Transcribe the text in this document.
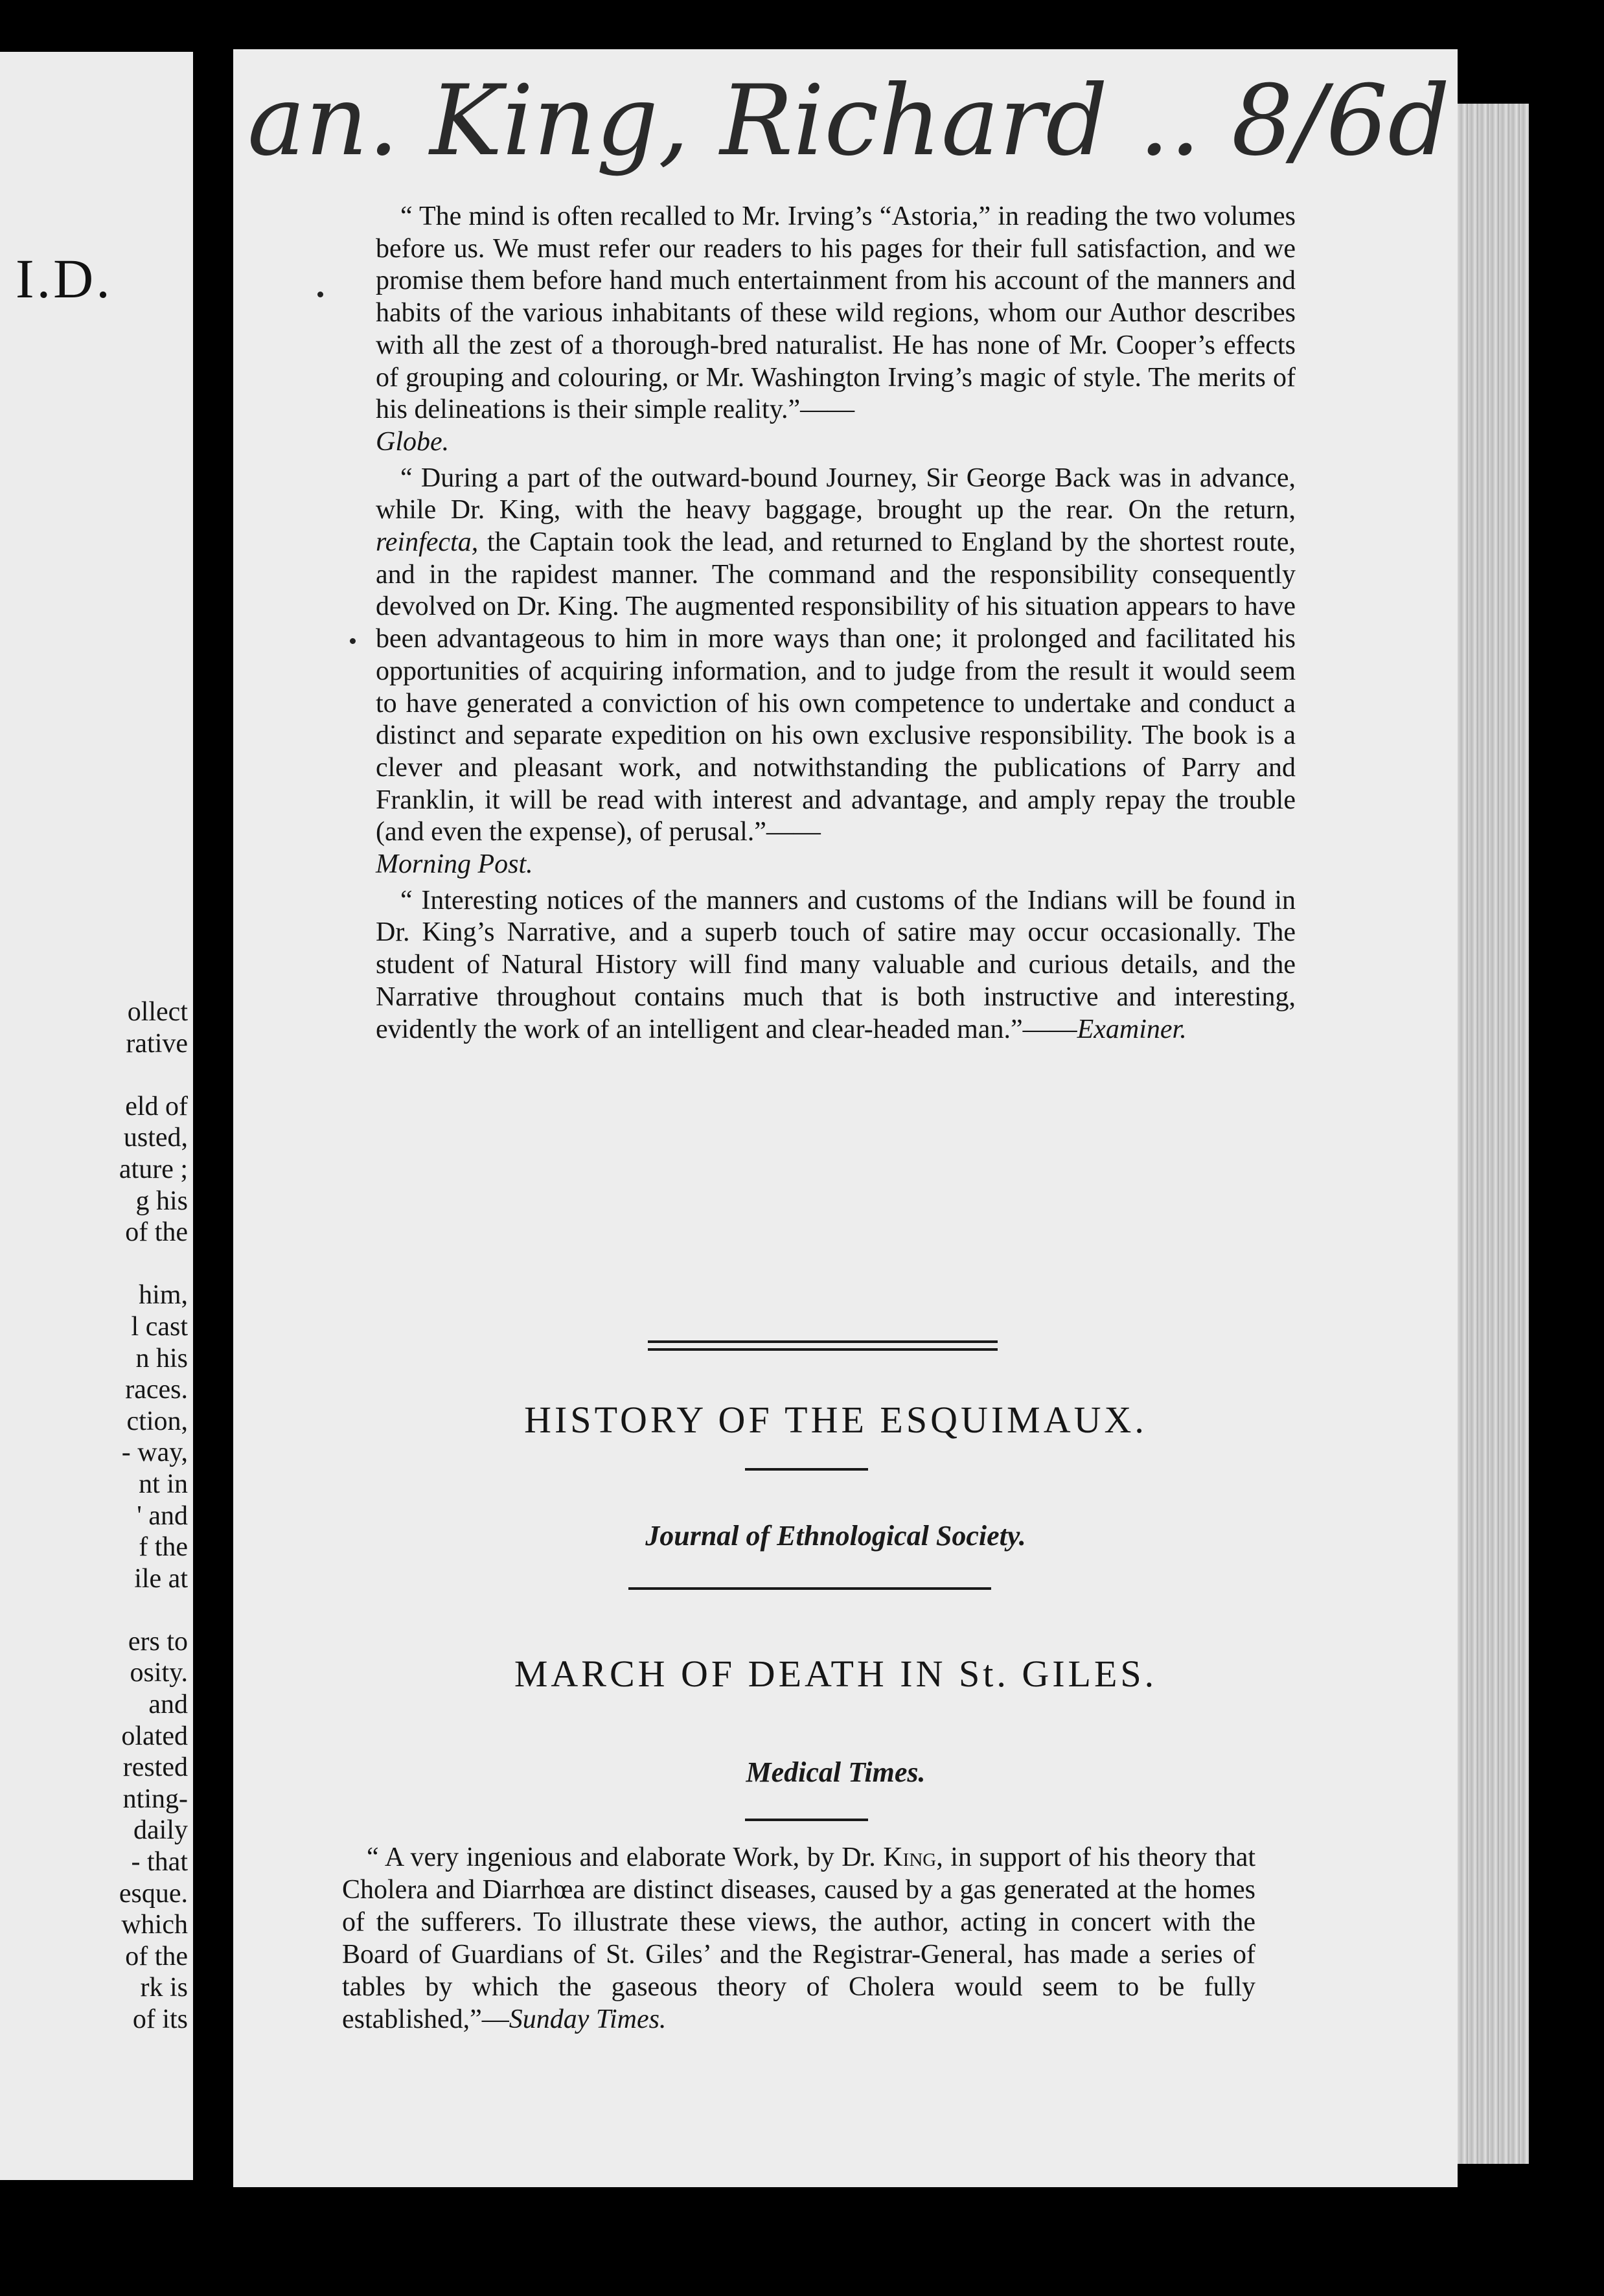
I.D.
ollect
rative
eld of
usted,
ature ;
g his
of the
him,
l cast
n his
races.
ction,
- way,
nt in
' and
f the
ile at
ers to
osity.
and
olated
rested
nting-
daily
- that
esque.
which
of the
rk is
of its
an. King, Richard .. 8/6d

“ The mind is often recalled to Mr. Irving’s “Astoria,” in reading the two volumes before us. We must refer our readers to his pages for their full satisfaction, and we promise them before hand much entertainment from his account of the manners and habits of the various inhabitants of these wild regions, whom our Author describes with all the zest of a thorough-bred naturalist. He has none of Mr. Cooper’s effects of grouping and colouring, or Mr. Washington Irving’s magic of style. The merits of his delineations is their simple reality.”——
Globe.

“ During a part of the outward-bound Journey, Sir George Back was in advance, while Dr. King, with the heavy baggage, brought up the rear. On the return, reinfecta, the Captain took the lead, and returned to England by the shortest route, and in the rapidest manner. The command and the responsibility consequently devolved on Dr. King. The augmented responsibility of his situation appears to have been advantageous to him in more ways than one; it prolonged and facilitated his opportunities of acquiring information, and to judge from the result it would seem to have generated a conviction of his own competence to undertake and conduct a distinct and separate expedition on his own exclusive responsibility. The book is a clever and pleasant work, and notwithstanding the publications of Parry and Franklin, it will be read with interest and advantage, and amply repay the trouble (and even the expense), of perusal.”——
Morning Post.

“ Interesting notices of the manners and customs of the Indians will be found in Dr. King’s Narrative, and a superb touch of satire may occur occasionally. The student of Natural History will find many valuable and curious details, and the Narrative throughout contains much that is both instructive and interesting, evidently the work of an intelligent and clear-headed man.”——Examiner.

HISTORY OF THE ESQUIMAUX.
Journal of Ethnological Society.
MARCH OF DEATH IN St. GILES.
Medical Times.

“ A very ingenious and elaborate Work, by Dr. King, in support of his theory that Cholera and Diarrhœa are distinct diseases, caused by a gas generated at the homes of the sufferers. To illustrate these views, the author, acting in concert with the Board of Guardians of St. Giles’ and the Registrar-General, has made a series of tables by which the gaseous theory of Cholera would seem to be fully established,”—Sunday Times.
